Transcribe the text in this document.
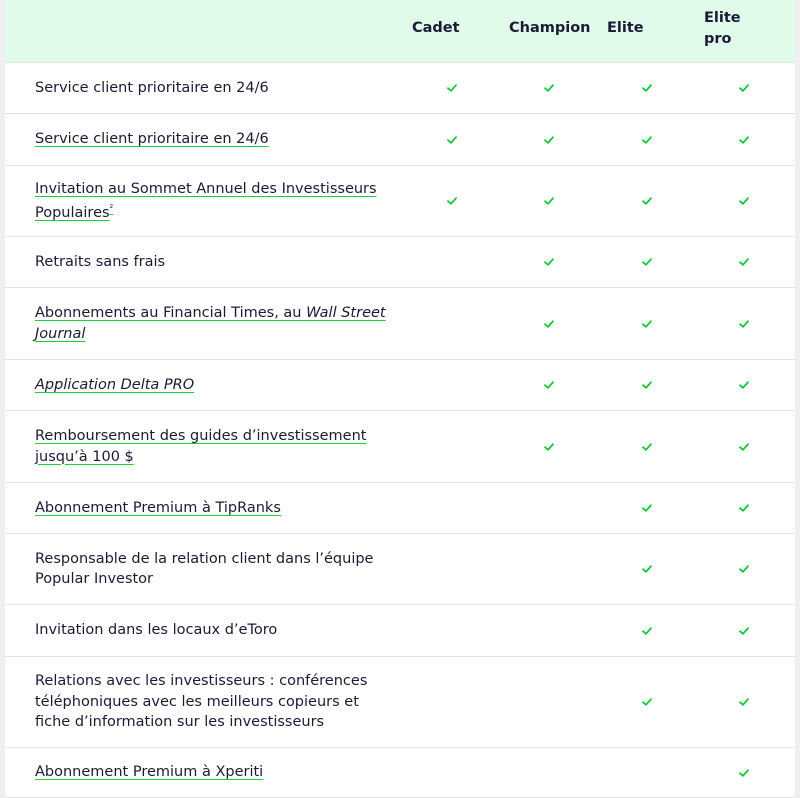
Cadet	Champion Elite
Elite pro
Service client prioritaire en 24/6
Service client prioritaire en 24/6
Invitation au Sommet Annuel des Investisseurs Populaires$^{^2}$
Retraits sans frais
Abonnements au Financial Times, au Wall Street Journal
Application Delta PRO
Remboursement des guides d’investissement jusqu’à 100 $
Abonnement Premium à TipRanks
Responsable de la relation client dans l’équipe Popular Investor
Invitation dans les locaux d’eToro
Relations avec les investisseurs : conférences téléphoniques avec les meilleurs copieurs et fiche d’information sur les investisseurs
Abonnement Premium à Xperiti
